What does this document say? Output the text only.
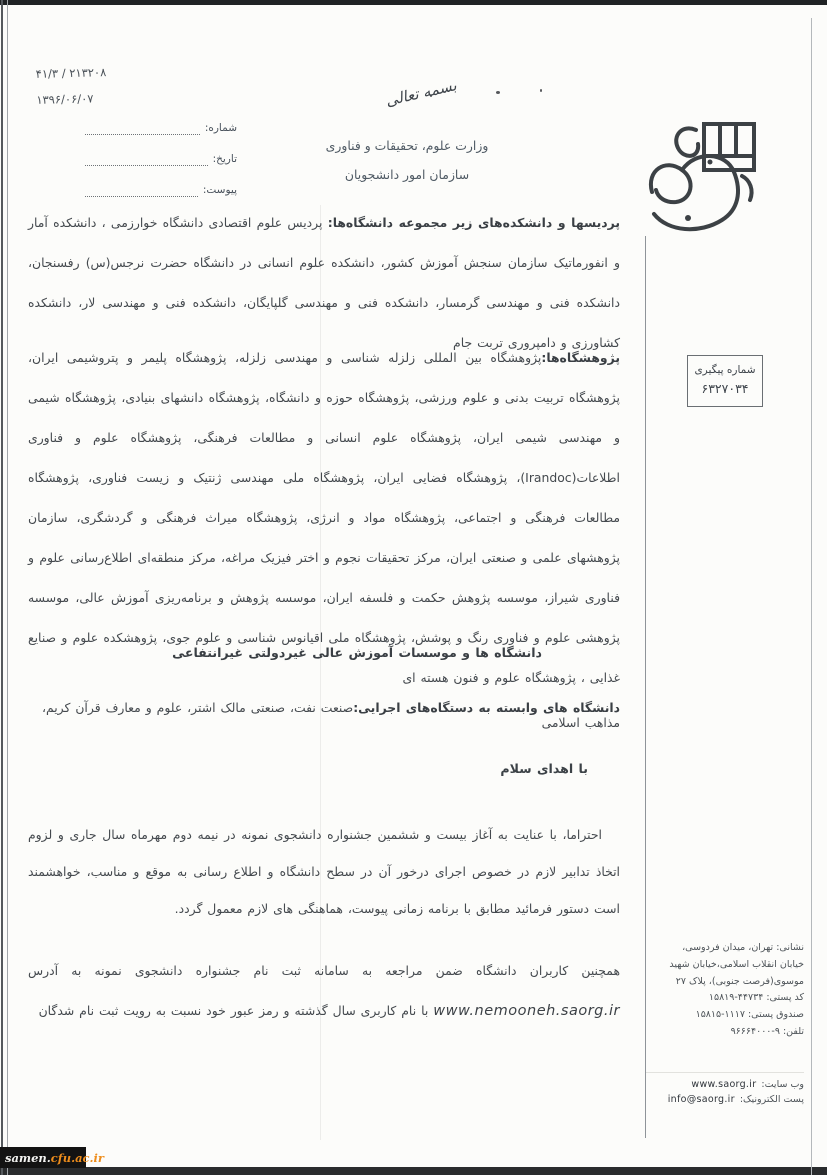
۴۱/۳ / ۲۱۳۲۰۸
۱۳۹۶/۰۶/۰۷
شماره:
تاریخ:
پیوست:
بسمه تعالی
وزارت علوم، تحقیقات و فناوری
سازمان امور دانشجویان
شماره پیگیری
۶۳۲۷۰۳۴
پردیسها و دانشکده‌های زیر مجموعه دانشگاه‌ها: پردیس علوم اقتصادی دانشگاه خوارزمی ، دانشکده آمار و انفورماتیک سازمان سنجش آموزش کشور، دانشکده علوم انسانی در دانشگاه حضرت نرجس(س) رفسنجان، دانشکده فنی و مهندسی گرمسار، دانشکده فنی و مهندسی گلپایگان، دانشکده فنی و مهندسی لار، دانشکده کشاورزی و دامپروری تربت جام
پژوهشگاه‌ها:پژوهشگاه بین المللی زلزله شناسی و مهندسی زلزله، پژوهشگاه پلیمر و پتروشیمی ایران، پژوهشگاه تربیت بدنی و علوم ورزشی، پژوهشگاه حوزه و دانشگاه، پژوهشگاه دانشهای بنیادی، پژوهشگاه شیمی و مهندسی شیمی ایران، پژوهشگاه علوم انسانی و مطالعات فرهنگی، پژوهشگاه علوم و فناوری اطلاعات(Irandoc)، پژوهشگاه فضایی ایران، پژوهشگاه ملی مهندسی ژنتیک و زیست فناوری، پژوهشگاه مطالعات فرهنگی و اجتماعی، پژوهشگاه مواد و انرژی، پژوهشگاه میراث فرهنگی و گردشگری، سازمان پژوهشهای علمی و صنعتی ایران، مرکز تحقیقات نجوم و اختر فیزیک مراغه، مرکز منطقه‌ای اطلاع‌رسانی علوم و فناوری شیراز، موسسه پژوهش حکمت و فلسفه ایران، موسسه پژوهش و برنامه‌ریزی آموزش عالی، موسسه پژوهشی علوم و فناوری رنگ و پوشش، پژوهشگاه ملی اقیانوس شناسی و علوم جوی، پژوهشکده علوم و صنایع غذایی ، پژوهشگاه علوم و فنون هسته ای
دانشگاه ها و موسسات آموزش عالی غیردولتی غیرانتفاعی
دانشگاه های وابسته به دستگاه‌های اجرایی:صنعت نفت، صنعتی مالک اشتر، علوم و معارف قرآن کریم، مذاهب اسلامی
با اهدای سلام
احتراما، با عنایت به آغاز بیست و ششمین جشنواره دانشجوی نمونه در نیمه دوم مهرماه سال جاری و لزوم اتخاذ تدابیر لازم در خصوص اجرای درخور آن در سطح دانشگاه و اطلاع رسانی به موقع و مناسب، خواهشمند است دستور فرمائید مطابق با برنامه زمانی پیوست، هماهنگی های لازم معمول گردد.
همچنین کاربران دانشگاه ضمن مراجعه به سامانه ثبت نام جشنواره دانشجوی نمونه به آدرس www.nemooneh.saorg.ir با نام کاربری سال گذشته و رمز عبور خود نسبت به رویت ثبت نام شدگان
نشانی: تهران، میدان فردوسی،
خیابان انقلاب اسلامی،خیابان شهید
موسوی(فرصت جنوبی)، پلاک ۲۷
کد پستی: ۱۵۸۱۹-۴۴۷۳۴
صندوق پستی: ۱۵۸۱۵-۱۱۱۷
تلفن: ۹۶۶۶۴۰۰۰-۹
وب سایت:
www.saorg.ir
پست الکترونیک:
info@saorg.ir
samen. cfu.ac.ir
